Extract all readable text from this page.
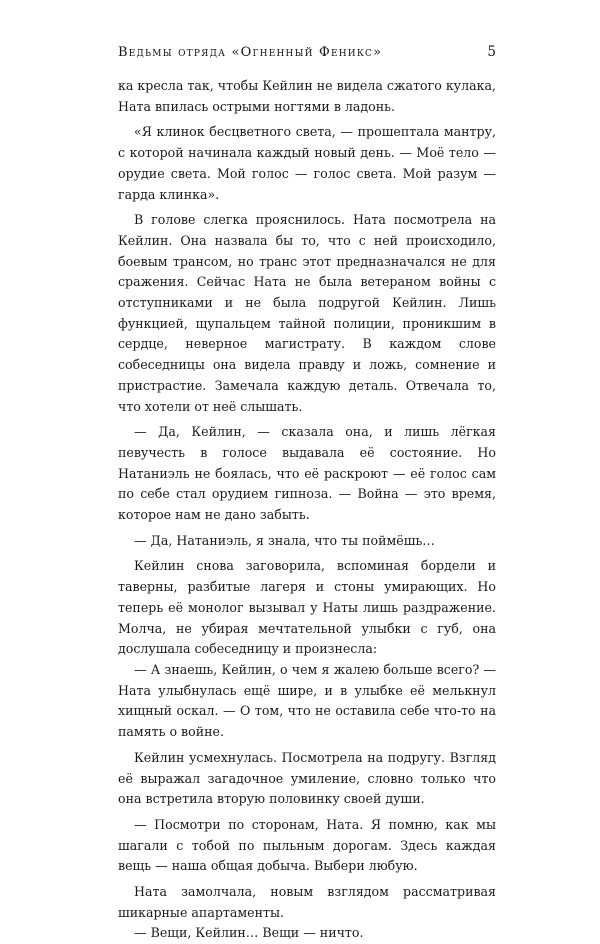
Ведьмы отряда «Огненный Феникс»	5

ка кресла так, чтобы Кейлин не видела сжатого кулака, Ната впилась острыми ногтями в ладонь.

«Я клинок бесцветного света, — прошептала мантру, с которой начинала каждый новый день. — Моё тело — орудие света. Мой голос — голос света. Мой разум — гарда клинка».

В голове слегка прояснилось. Ната посмотрела на Кейлин. Она назвала бы то, что с ней происходило, боевым трансом, но транс этот предназначался не для сражения. Сейчас Ната не была ветераном войны с отступниками и не была подругой Кейлин. Лишь функцией, щупальцем тайной полиции, проникшим в сердце, неверное магистрату. В каждом слове собеседницы она видела правду и ложь, сомнение и пристрастие. Замечала каждую деталь. Отвечала то, что хотели от неё слышать.

— Да, Кейлин, — сказала она, и лишь лёгкая певучесть в голосе выдавала её состояние. Но Натаниэль не боялась, что её раскроют — её голос сам по себе стал орудием гипноза. — Война — это время, которое нам не дано забыть.

— Да, Натаниэль, я знала, что ты поймёшь…

Кейлин снова заговорила, вспоминая бордели и таверны, разбитые лагеря и стоны умирающих. Но теперь её монолог вызывал у Наты лишь раздражение. Молча, не убирая мечтательной улыбки с губ, она дослушала собеседницу и произнесла:

— А знаешь, Кейлин, о чем я жалею больше всего? — Ната улыбнулась ещё шире, и в улыбке её мелькнул хищный оскал. — О том, что не оставила себе что-то на память о войне.

Кейлин усмехнулась. Посмотрела на подругу. Взгляд её выражал загадочное умиление, словно только что она встретила вторую половинку своей души.

— Посмотри по сторонам, Ната. Я помню, как мы шагали с тобой по пыльным дорогам. Здесь каждая вещь — наша общая добыча. Выбери любую.

Ната замолчала, новым взглядом рассматривая шикарные апартаменты.

— Вещи, Кейлин… Вещи — ничто.
